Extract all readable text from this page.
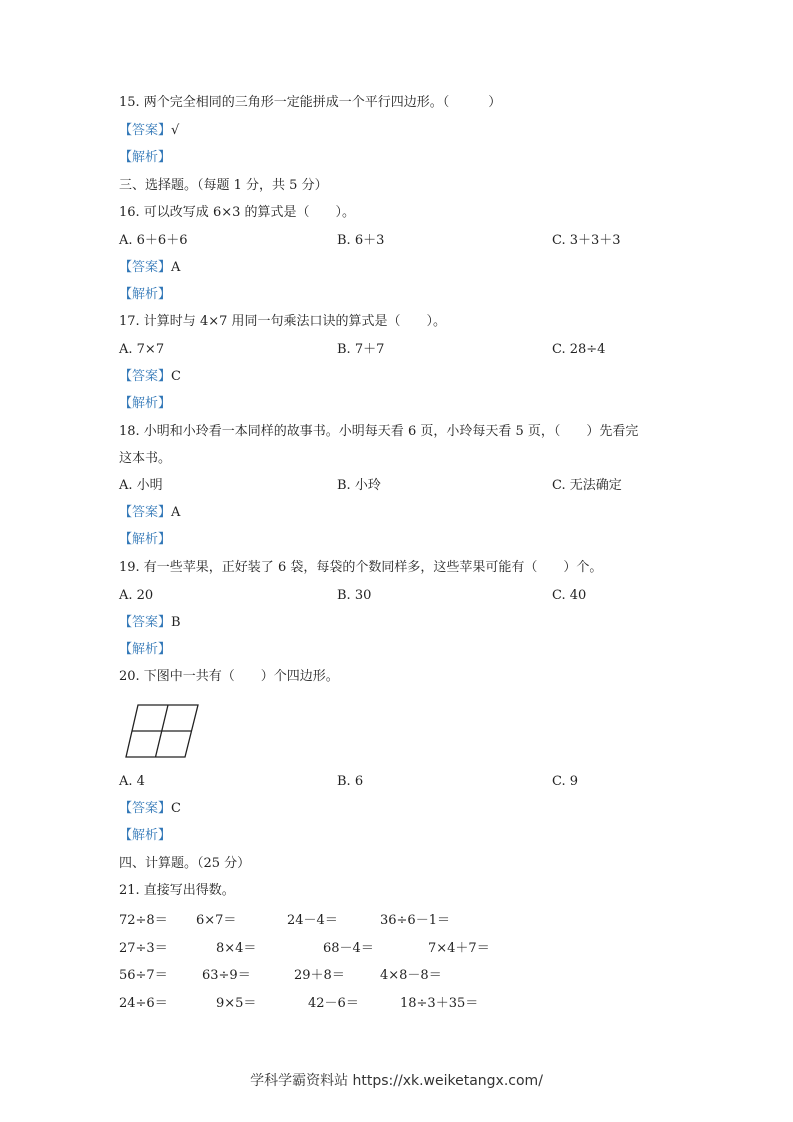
15. 两个完全相同的三角形一定能拼成一个平行四边形。（　　　）
【答案】√
【解析】
三、选择题。（每题 1 分，共 5 分）
16. 可以改写成 6×3 的算式是（　　）。
A. 6＋6＋6	B. 6＋3	C. 3＋3＋3
【答案】A
【解析】
17. 计算时与 4×7 用同一句乘法口诀的算式是（　　）。
A. 7×7	B. 7＋7	C. 28÷4
【答案】C
【解析】
18. 小明和小玲看一本同样的故事书。小明每天看 6 页，小玲每天看 5 页，（　　）先看完
这本书。
A. 小明	B. 小玲	C. 无法确定
【答案】A
【解析】
19. 有一些苹果，正好装了 6 袋，每袋的个数同样多，这些苹果可能有（　　）个。
A. 20	B. 30	C. 40
【答案】B
【解析】
20. 下图中一共有（　　）个四边形。
A. 4	B. 6	C. 9
【答案】C
【解析】
四、计算题。（25 分）
21. 直接写出得数。
72÷8＝ 6×7＝	24－4＝	36÷6－1＝
27÷3＝	8×4＝	68－4＝	7×4＋7＝
56÷7＝	63÷9＝	29＋8＝	4×8－8＝
24÷6＝	9×5＝	42－6＝	18÷3＋35＝
学科学霸资料站 https://xk.weiketangx.com/
